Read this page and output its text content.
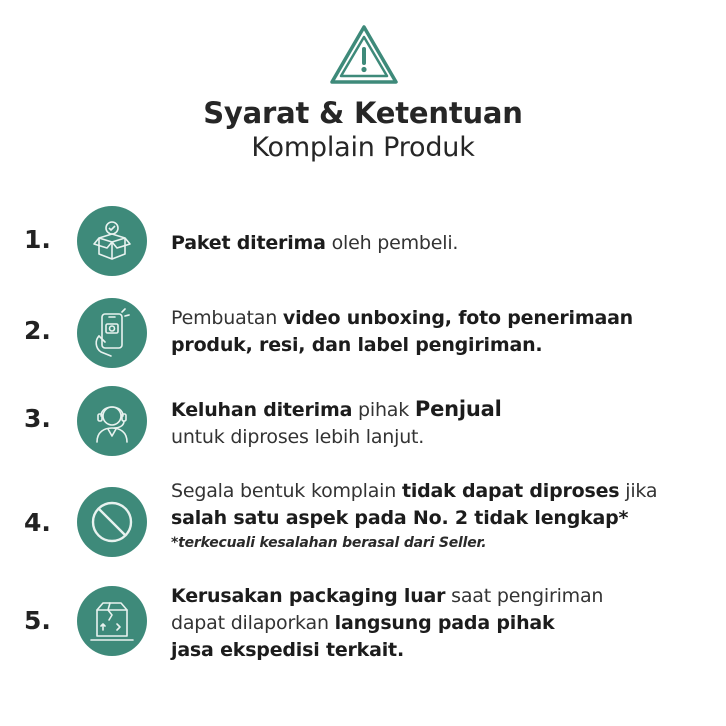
Syarat & Ketentuan
Komplain Produk
1.	Paket diterima oleh pembeli.
2.	Pembuatan video unboxing, foto penerimaan
produk, resi, dan label pengiriman.
3.	Keluhan diterima pihak Penjual
untuk diproses lebih lanjut.
4.
Segala bentuk komplain tidak dapat diproses jika
salah satu aspek pada No. 2 tidak lengkap*
*terkecuali kesalahan berasal dari Seller.
5.
Kerusakan packaging luar saat pengiriman
dapat dilaporkan langsung pada pihak
jasa ekspedisi terkait.
